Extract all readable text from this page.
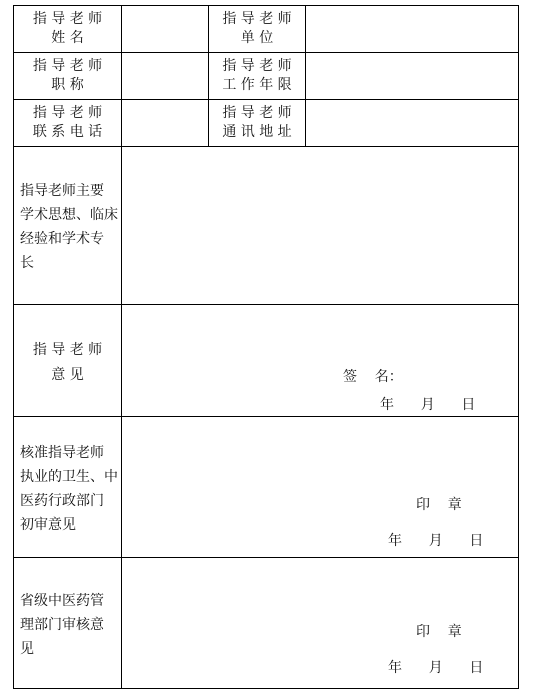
指 导 老 师
姓 名
指 导 老 师
单 位
指 导 老 师
职 称
指 导 老 师
工 作 年 限
指 导 老 师
联 系 电 话
指 导 老 师
通 讯 地 址
指导老师主要
学术思想、临床
经验和学术专
长
指 导 老 师
意 见	签    名：
年      月      日
核准指导老师
执业的卫生、中
医药行政部门
初审意见
印    章
年      月      日
省级中医药管
理部门审核意
见
印    章
年      月      日
